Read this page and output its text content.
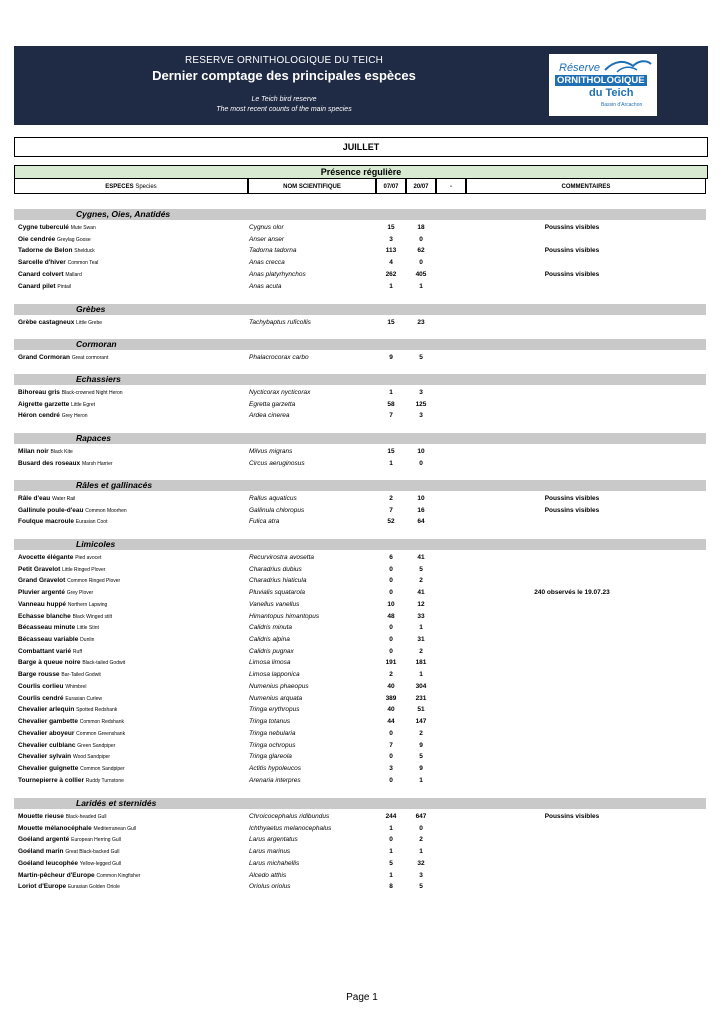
RESERVE ORNITHOLOGIQUE DU TEICH
Dernier comptage des principales espèces
Le Teich bird reserve
The most recent counts of the main species
Réserve
ORNITHOLOGIQUE
du Teich
Bassin d'Arcachon
JUILLET
Présence régulière
ESPECES Species	NOM SCIENTIFIQUE	07/07	20/07	-	COMMENTAIRES
Cygnes, Oies, Anatidés
Cygne tuberculé Mute Swan	Cygnus olor	15	18	Poussins visibles
Oie cendrée Greylag Goose	Anser anser	3	0
Tadorne de Belon Shelduck	Tadorna tadorna	113	62	Poussins visibles
Sarcelle d'hiver Common Teal	Anas crecca	4	0
Canard colvert Mallard	Anas platyrhynchos	262	405	Poussins visibles
Canard pilet Pintail	Anas acuta	1	1
Grèbes
Grèbe castagneux Little Grebe	Tachybaptus ruficollis	15	23
Cormoran
Grand Cormoran Great cormorant	Phalacrocorax carbo	9	5
Echassiers
Bihoreau gris Black-crowned Night Heron	Nycticorax nycticorax	1	3
Aigrette garzette Little Egret	Egretta garzetta	58	125
Héron cendré Grey Heron	Ardea cinerea	7	3
Rapaces
Milan noir Black Kite	Milvus migrans	15	10
Busard des roseaux Marsh Harrier	Circus aeruginosus	1	0
Râles et gallinacés
Râle d'eau Water Rail	Rallus aquaticus	2	10	Poussins visibles
Gallinule poule-d'eau Common Moorhen	Gallinula chloropus	7	16	Poussins visibles
Foulque macroule Eurasian Coot	Fulica atra	52	64
Limicoles
Avocette élégante Pied avocet	Recurvirostra avosetta	6	41
Petit Gravelot Little Ringed Plover	Charadrius dubius	0	5
Grand Gravelot Common Ringed Plover	Charadrius hiaticula	0	2
Pluvier argenté Grey Plover	Pluvialis squatarola	0	41	240 observés le 19.07.23
Vanneau huppé Northern Lapwing	Vanellus vanellus	10	12
Echasse blanche Black Winged stilt	Himantopus himantopus	48	33
Bécasseau minute Little Stint	Calidris minuta	0	1
Bécasseau variable Dunlin	Calidris alpina	0	31
Combattant varié Ruff	Calidris pugnax	0	2
Barge à queue noire Black-tailed Godwit	Limosa limosa	191	181
Barge rousse Bar-Tailed Godwit	Limosa lapponica	2	1
Courlis corlieu Whimbrel	Numenius phaeopus	40	304
Courlis cendré Eurasian Curlew	Numenius arquata	389	231
Chevalier arlequin Spotted Redshank	Tringa erythropus	40	51
Chevalier gambette Common Redshank	Tringa totanus	44	147
Chevalier aboyeur Common Greenshank	Tringa nebularia	0	2
Chevalier culblanc Green Sandpiper	Tringa ochropus	7	9
Chevalier sylvain Wood Sandpiper	Tringa glareola	0	5
Chevalier guignette Common Sandpiper	Actitis hypoleucos	3	9
Tournepierre à collier Ruddy Turnstone	Arenaria interpres	0	1
Laridés et sternidés
Mouette rieuse Black-headed Gull	Chroicocephalus ridibundus	244	647	Poussins visibles
Mouette mélanocéphale Mediterranean Gull	Ichthyaetus melanocephalus	1	0
Goéland argenté European Herring Gull	Larus argentatus	0	2
Goéland marin Great Black-backed Gull	Larus marinus	1	1
Goéland leucophée Yellow-legged Gull	Larus michahellis	5	32
Martin-pêcheur d'Europe Common Kingfisher	Alcedo atthis	1	3
Loriot d'Europe Eurasian Golden Oriole	Oriolus oriolus	8	5
Page 1
